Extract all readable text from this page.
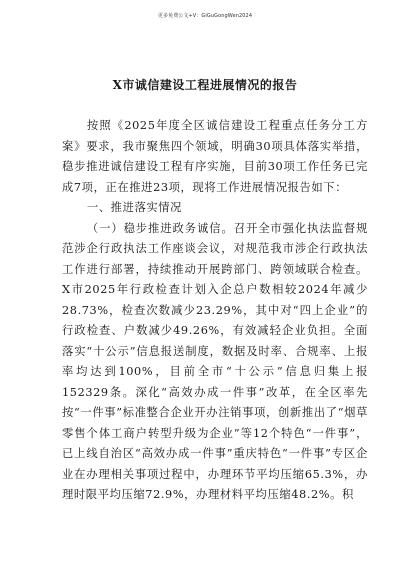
更多免费公文+V：GiGuGongWen2024
X市诚信建设工程进展情况的报告

按照《2025年度全区诚信建设工程重点任务分工方案》要求，我市聚焦四个领域，明确30项具体落实举措，稳步推进诚信建设工程有序实施，目前30项工作任务已完成7项，正在推进23项，现将工作进展情况报告如下：

一、推进落实情况

（一）稳步推进政务诚信。召开全市强化执法监督规范涉企行政执法工作座谈会议，对规范我市涉企行政执法工作进行部署，持续推动开展跨部门、跨领域联合检查。X市2025年行政检查计划入企总户数相较2024年减少28.73%，检查次数减少23.29%，其中对“四上企业”的行政检查、户数减少49.26%，有效减轻企业负担。全面落实“十公示”信息报送制度，数据及时率、合规率、上报率均达到100%，目前全市“十公示”信息归集上报152329条。深化“高效办成一件事”改革，在全区率先按“一件事”标准整合企业开办注销事项，创新推出了“烟草零售个体工商户转型升级为企业”等12个特色“一件事”，已上线自治区“高效办成一件事”重庆特色“一件事”专区企业在办理相关事项过程中，办理环节平均压缩65.3%，办理时限平均压缩72.9%，办理材料平均压缩48.2%。积
